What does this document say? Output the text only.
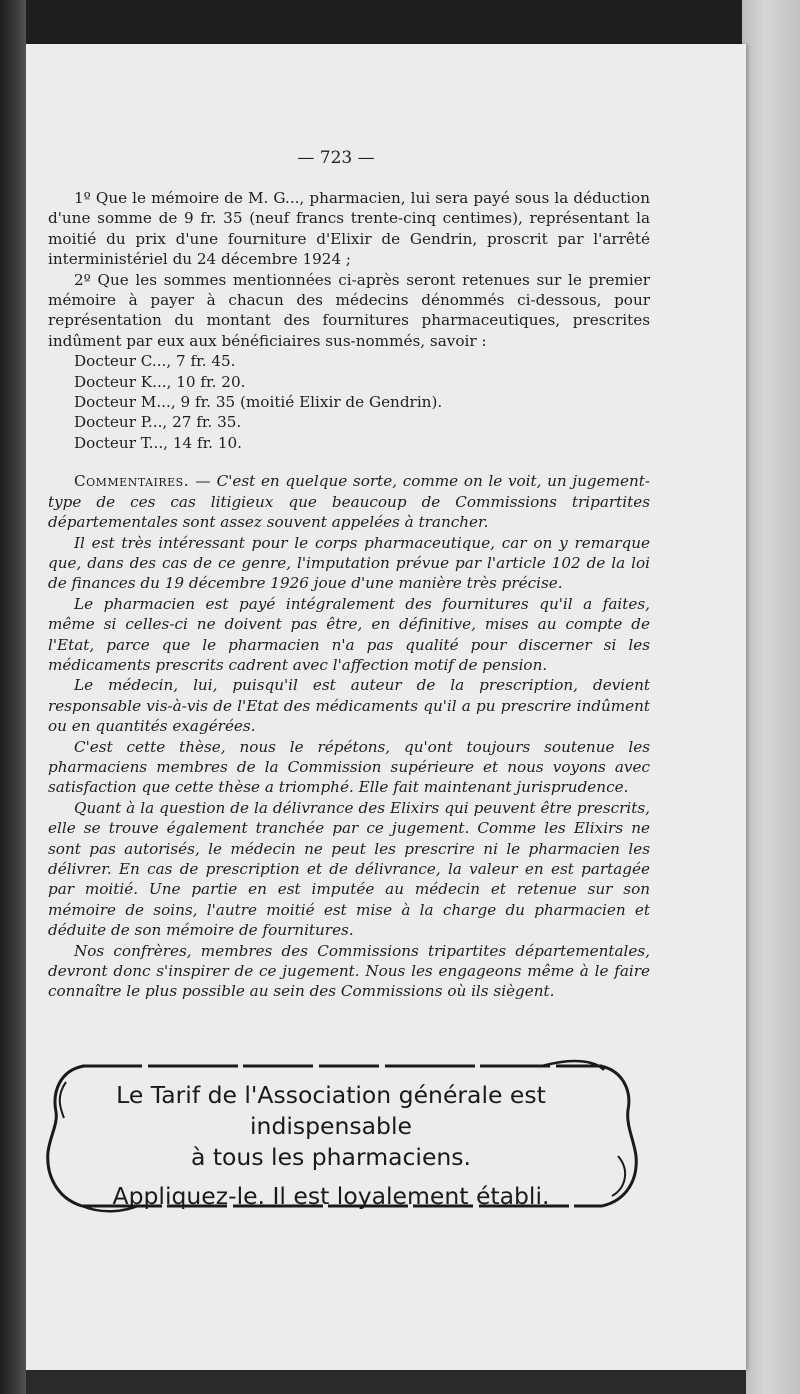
— 723 —

1º Que le mémoire de M. G..., pharmacien, lui sera payé sous la déduction d'une somme de 9 fr. 35 (neuf francs trente-cinq centimes), représentant la moitié du prix d'une fourniture d'Elixir de Gendrin, proscrit par l'arrêté interministériel du 24 décembre 1924 ;

2º Que les sommes mentionnées ci-après seront retenues sur le premier mémoire à payer à chacun des médecins dénommés ci-dessous, pour représentation du montant des fournitures pharmaceutiques, prescrites indûment par eux aux bénéficiaires sus-nommés, savoir :

Docteur C..., 7 fr. 45.

Docteur K..., 10 fr. 20.

Docteur M..., 9 fr. 35 (moitié Elixir de Gendrin).

Docteur P..., 27 fr. 35.

Docteur T..., 14 fr. 10.

Commentaires. — C'est en quelque sorte, comme on le voit, un jugement-type de ces cas litigieux que beaucoup de Commissions tripartites départementales sont assez souvent appelées à trancher.

Il est très intéressant pour le corps pharmaceutique, car on y remarque que, dans des cas de ce genre, l'imputation prévue par l'article 102 de la loi de finances du 19 décembre 1926 joue d'une manière très précise.

Le pharmacien est payé intégralement des fournitures qu'il a faites, même si celles-ci ne doivent pas être, en définitive, mises au compte de l'Etat, parce que le pharmacien n'a pas qualité pour discerner si les médicaments prescrits cadrent avec l'affection motif de pension.

Le médecin, lui, puisqu'il est auteur de la prescription, devient responsable vis-à-vis de l'Etat des médicaments qu'il a pu prescrire indûment ou en quantités exagérées.

C'est cette thèse, nous le répétons, qu'ont toujours soutenue les pharmaciens membres de la Commission supérieure et nous voyons avec satisfaction que cette thèse a triomphé. Elle fait maintenant jurisprudence.

Quant à la question de la délivrance des Elixirs qui peuvent être prescrits, elle se trouve également tranchée par ce jugement. Comme les Elixirs ne sont pas autorisés, le médecin ne peut les prescrire ni le pharmacien les délivrer. En cas de prescription et de délivrance, la valeur en est partagée par moitié. Une partie en est imputée au médecin et retenue sur son mémoire de soins, l'autre moitié est mise à la charge du pharmacien et déduite de son mémoire de fournitures.

Nos confrères, membres des Commissions tripartites départementales, devront donc s'inspirer de ce jugement. Nous les engageons même à le faire connaître le plus possible au sein des Commissions où ils siègent.

Le Tarif de l'Association générale est indispensable
à tous les pharmaciens.

Appliquez-le. Il est loyalement établi.
